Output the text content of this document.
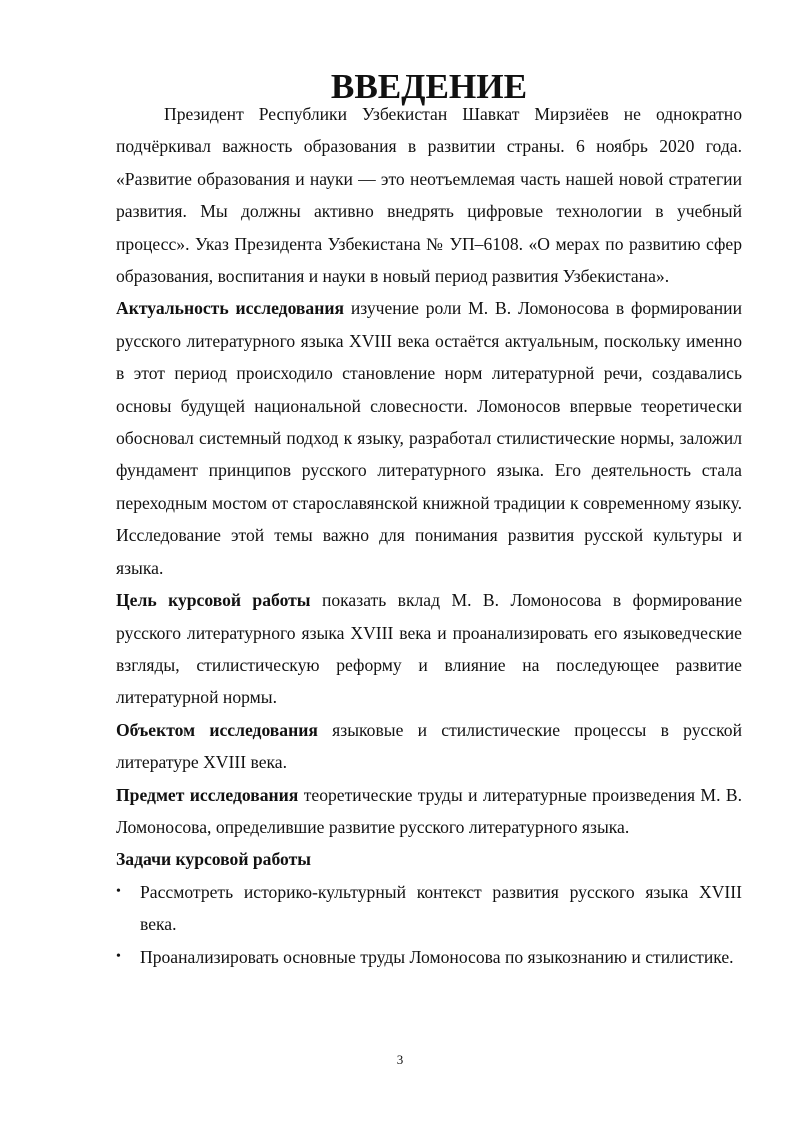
ВВЕДЕНИЕ

Президент Республики Узбекистан Шавкат Мирзиёев не однократно подчёркивал важность образования в развитии страны. 6 ноябрь 2020 года. «Развитие образования и науки — это неотъемлемая часть нашей новой стратегии развития. Мы должны активно внедрять цифровые технологии в учебный процесс». Указ Президента Узбекистана № УП–6108. «О мерах по развитию сфер образования, воспитания и науки в новый период развития Узбекистана».

Актуальность исследования изучение роли М. В. Ломоносова в формировании русского литературного языка XVIII века остаётся актуальным, поскольку именно в этот период происходило становление норм литературной речи, создавались основы будущей национальной словесности. Ломоносов впервые теоретически обосновал системный подход к языку, разработал стилистические нормы, заложил фундамент принципов русского литературного языка. Его деятельность стала переходным мостом от старославянской книжной традиции к современному языку. Исследование этой темы важно для понимания развития русской культуры и языка.

Цель курсовой работы показать вклад М. В. Ломоносова в формирование русского литературного языка XVIII века и проанализировать его языковедческие взгляды, стилистическую реформу и влияние на последующее развитие литературной нормы.

Объектом исследования языковые и стилистические процессы в русской литературе XVIII века.

Предмет исследования теоретические труды и литературные произведения М. В. Ломоносова, определившие развитие русского литературного языка.

Задачи курсовой работы

• Рассмотреть историко-культурный контекст развития русского языка XVIII века.
• Проанализировать основные труды Ломоносова по языкознанию и стилистике.
3
